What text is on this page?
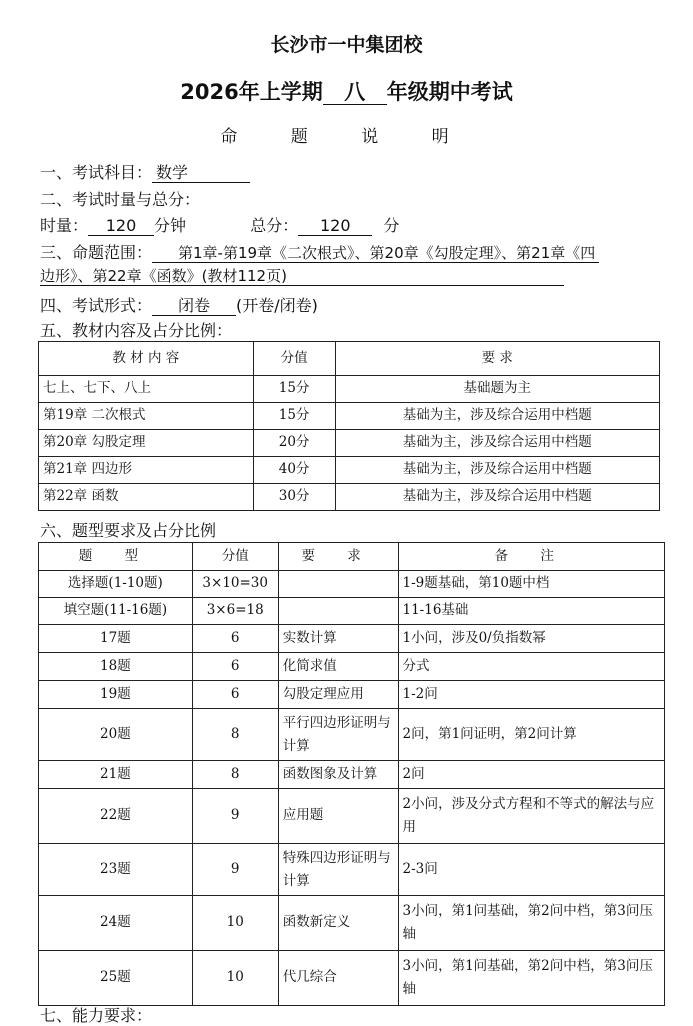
长沙市一中集团校
2026年上学期 八 年级期中考试
命 题 说 明
一、考试科目： 数学
二、考试时量与总分：
时量： 120 分钟	总分： 120 分
三、命题范围： 第1章-第19章《二次根式》、第20章《勾股定理》、第21章《四
边形》、第22章《函数》(教材112页)
四、考试形式： 闭卷 (开卷/闭卷)
五、教材内容及占分比例：
教 材 内 容	分值	要 求
七上、七下、八上	15分	基础题为主
第19章 二次根式	15分	基础为主，涉及综合运用中档题
第20章 勾股定理	20分	基础为主，涉及综合运用中档题
第21章 四边形	40分	基础为主，涉及综合运用中档题
第22章 函数	30分	基础为主，涉及综合运用中档题
六、题型要求及占分比例
题 型	分值	要 求	备 注
选择题(1-10题)	3×10=30		1-9题基础，第10题中档
填空题(11-16题)	3×6=18		11-16基础
17题	6	实数计算	1小问，涉及0/负指数幂
18题	6	化简求值	分式
19题	6	勾股定理应用	1-2问
20题	8	平行四边形证明与计算	2问，第1问证明，第2问计算
21题	8	函数图象及计算	2问
22题	9	应用题	2小问，涉及分式方程和不等式的解法与应用
23题	9	特殊四边形证明与计算	2-3问
24题	10	函数新定义	3小问，第1问基础，第2问中档，第3问压轴
25题	10	代几综合	3小问，第1问基础，第2问中档，第3问压轴
七、能力要求：
